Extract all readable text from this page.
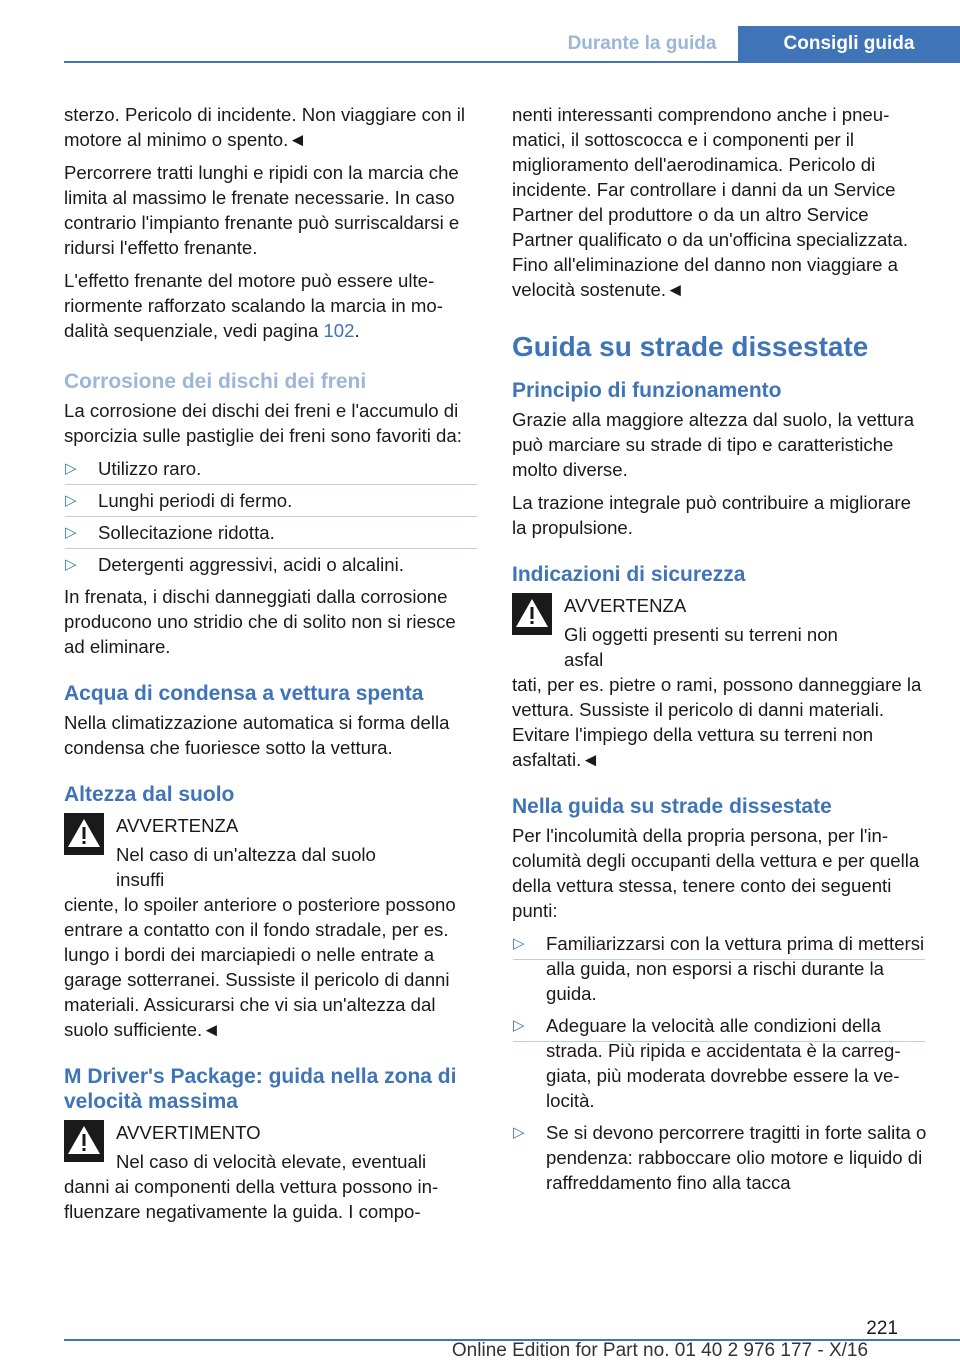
Durante la guida	Consigli guida

sterzo. Pericolo di incidente. Non viaggiare con il motore al minimo o spento.◄

Percorrere tratti lunghi e ripidi con la marcia che limita al massimo le frenate necessarie. In caso contrario l'impianto frenante può surriscaldarsi e ridursi l'effetto frenante.

L'effetto frenante del motore può essere ulteriormente rafforzato scalando la marcia in modalità sequenziale, vedi pagina 102.

Corrosione dei dischi dei freni

La corrosione dei dischi dei freni e l'accumulo di sporcizia sulle pastiglie dei freni sono favoriti da:

▷ Utilizzo raro.
▷ Lunghi periodi di fermo.
▷ Sollecitazione ridotta.
▷ Detergenti aggressivi, acidi o alcalini.

In frenata, i dischi danneggiati dalla corrosione producono uno stridio che di solito non si riesce ad eliminare.

Acqua di condensa a vettura spenta

Nella climatizzazione automatica si forma della condensa che fuoriesce sotto la vettura.

Altezza dal suolo

AVVERTENZA

Nel caso di un'altezza dal suolo insuffi

ciente, lo spoiler anteriore o posteriore possono entrare a contatto con il fondo stradale, per es. lungo i bordi dei marciapiedi o nelle entrate a garage sotterranei. Sussiste il pericolo di danni materiali. Assicurarsi che vi sia un'altezza dal suolo sufficiente.◄

M Driver's Package: guida nella zona di velocità massima

AVVERTIMENTO

Nel caso di velocità elevate, eventuali

danni ai componenti della vettura possono influenzare negativamente la guida. I compo-

nenti interessanti comprendono anche i pneumatici, il sottoscocca e i componenti per il miglioramento dell'aerodinamica. Pericolo di incidente. Far controllare i danni da un Service Partner del produttore o da un altro Service Partner qualificato o da un'officina specializzata. Fino all'eliminazione del danno non viaggiare a velocità sostenute.◄

Guida su strade dissestate
Principio di funzionamento

Grazie alla maggiore altezza dal suolo, la vettura può marciare su strade di tipo e caratteristiche molto diverse.

La trazione integrale può contribuire a migliorare la propulsione.

Indicazioni di sicurezza

AVVERTENZA

Gli oggetti presenti su terreni non asfal

tati, per es. pietre o rami, possono danneggiare la vettura. Sussiste il pericolo di danni materiali. Evitare l'impiego della vettura su terreni non asfaltati.◄

Nella guida su strade dissestate

Per l'incolumità della propria persona, per l'incolumità degli occupanti della vettura e per quella della vettura stessa, tenere conto dei seguenti punti:

▷ Familiarizzarsi con la vettura prima di mettersi alla guida, non esporsi a rischi durante la guida.
▷ Adeguare la velocità alle condizioni della strada. Più ripida e accidentata è la carreggiata, più moderata dovrebbe essere la velocità.
▷ Se si devono percorrere tragitti in forte salita o pendenza: rabboccare olio motore e liquido di raffreddamento fino alla tacca
221
Online Edition for Part no. 01 40 2 976 177 - X/16
